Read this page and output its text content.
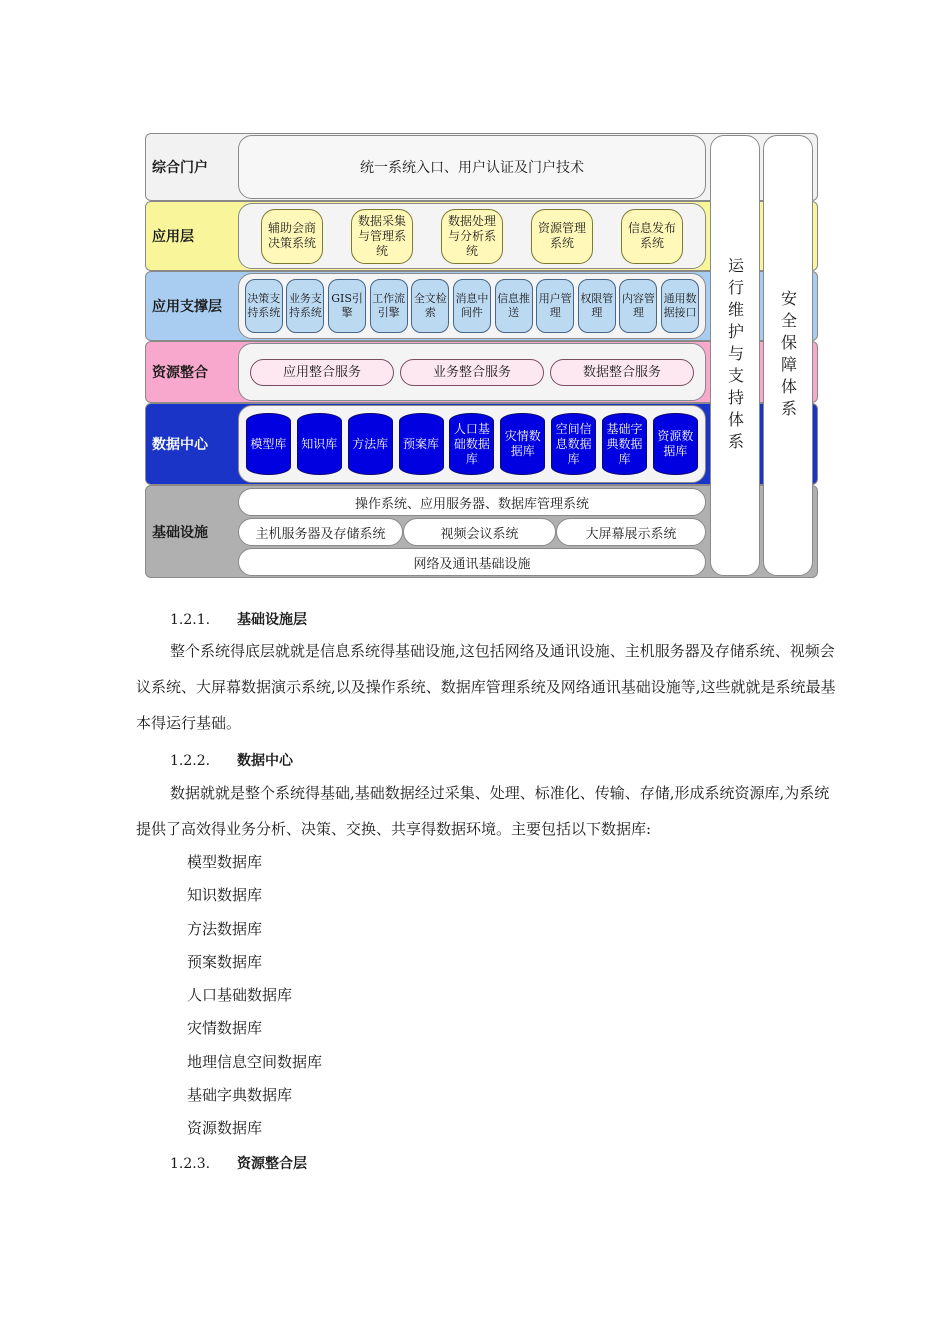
综合门户	统一系统入口、用户认证及门户技术
应用层
辅助会商决策系统
数据采集与管理系统
数据处理与分析系统
资源管理系统
信息发布系统
应用支撑层
决策支持系统
业务支持系统
GIS引擎
工作流引擎
全文检索
消息中间件
信息推送
用户管理
权限管理
内容管理
通用数据接口
资源整合	应用整合服务	业务整合服务	数据整合服务
数据中心	模型库	知识库	方法库	预案库
人口基础数据库
灾情数据库
空间信息数据库
基础字典数据库
资源数据库
基础设施
操作系统、应用服务器、数据库管理系统
主机服务器及存储系统	视频会议系统	大屏幕展示系统
网络及通讯基础设施
运行维护与支持体系 安全保障体系
1.2.1. 基础设施层

整个系统得底层就就是信息系统得基础设施,这包括网络及通讯设施、主机服务器及存储系统、视频会议系统、大屏幕数据演示系统,以及操作系统、数据库管理系统及网络通讯基础设施等,这些就就是系统最基本得运行基础。

1.2.2. 数据中心

数据就就是整个系统得基础,基础数据经过采集、处理、标准化、传输、存储,形成系统资源库,为系统提供了高效得业务分析、决策、交换、共享得数据环境。主要包括以下数据库:

模型数据库
知识数据库
方法数据库
预案数据库
人口基础数据库
灾情数据库
地理信息空间数据库
基础字典数据库
资源数据库
1.2.3. 资源整合层
